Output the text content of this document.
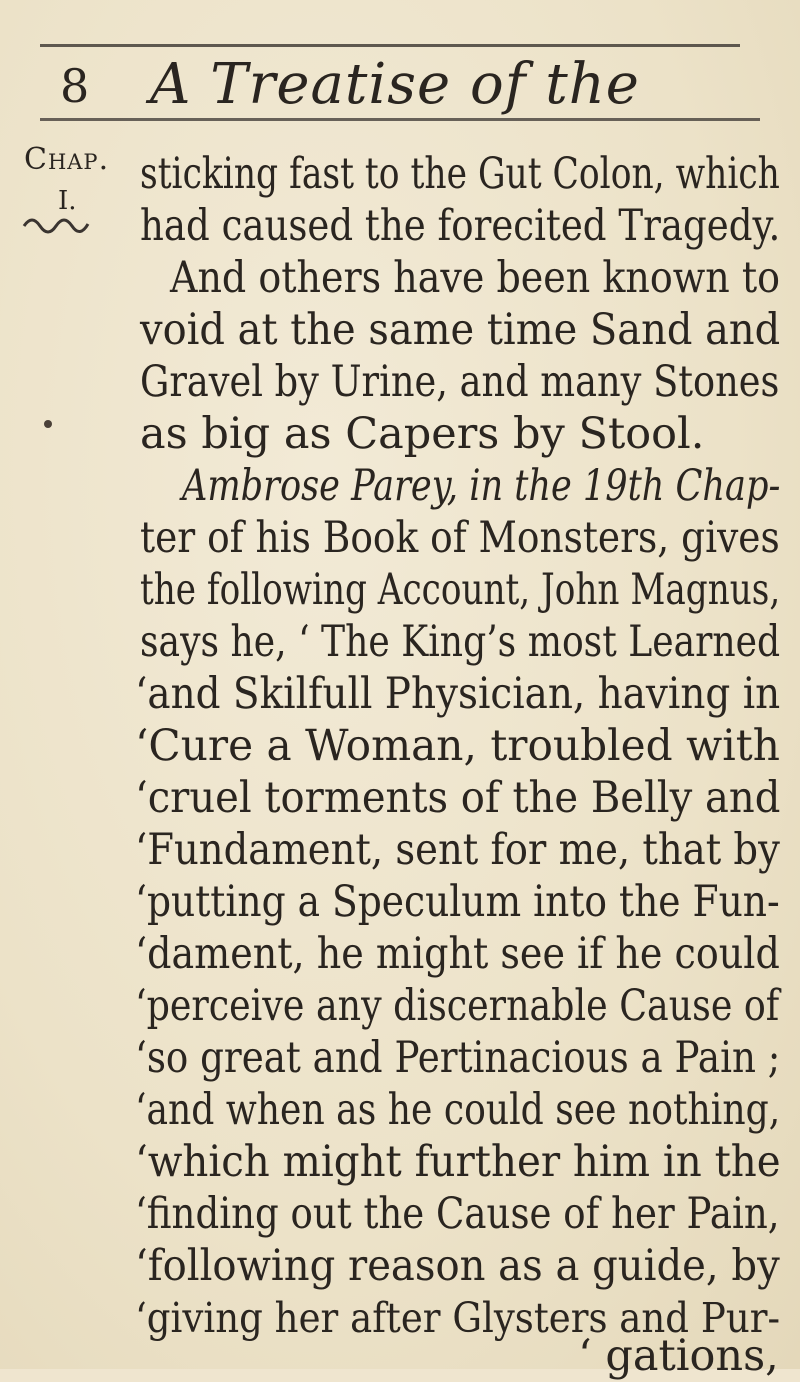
8 A Treatise of the
Chap.
I.
sticking fast to the Gut Colon, which
had caused the forecited Tragedy.
And others have been known to
void at the same time Sand and
Gravel by Urine, and many Stones
as big as Capers by Stool.
Ambrose Parey, in the 19th Chap-
ter of his Book of Monsters, gives
the following Account, John Magnus,
says he, ‘ The King’s most Learned
‘and Skilfull Physician, having in
‘Cure a Woman, troubled with
‘cruel torments of the Belly and
‘Fundament, sent for me, that by
‘putting a Speculum into the Fun-
‘dament, he might see if he could
‘perceive any discernable Cause of
‘so great and Pertinacious a Pain ;
‘and when as he could see nothing,
‘which might further him in the
‘finding out the Cause of her Pain,
‘following reason as a guide, by
‘giving her after Glysters and Pur-
‘ gations,
